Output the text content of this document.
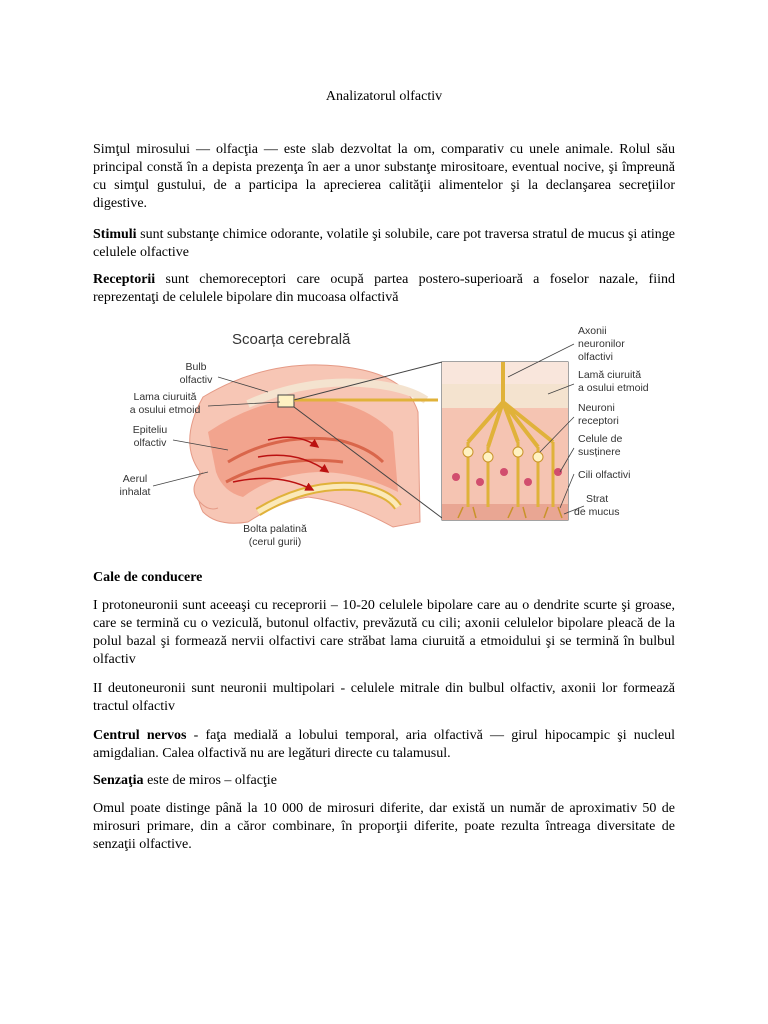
Analizatorul olfactiv

Simţul mirosului — olfacţia — este slab dezvoltat la om, comparativ cu unele animale. Rolul său principal constă în a depista prezenţa în aer a unor substanţe mirositoare, eventual nocive, şi împreună cu simţul gustului, de a participa la aprecierea calităţii alimentelor şi la declanşarea secreţiilor digestive.

Stimuli sunt substanţe chimice odorante, volatile şi solubile, care pot traversa stratul de mucus şi atinge celulele olfactive

Receptorii sunt chemoreceptori care ocupă partea postero-superioară a foselor nazale, fiind reprezentaţi de celulele bipolare din mucoasa olfactivă

Scoarța cerebrală
Bulb
olfactiv
Lama ciuruită
a osului etmoid
Epiteliu
olfactiv
Aerul
inhalat
Bolta palatină
(cerul gurii)
Axonii
neuronilor
olfactivi
Lamă ciuruită
a osului etmoid
Neuroni
receptori
Celule de
susținere
Cili olfactivi
Strat
de mucus
Cale de conducere

I protoneuronii sunt aceeaşi cu receprorii – 10-20 celulele bipolare care au o dendrite scurte şi groase, care se termină cu o veziculă, butonul olfactiv, prevăzută cu cili; axonii celulelor bipolare pleacă de la polul bazal şi formează nervii olfactivi care străbat lama ciuruită a etmoidului şi se termină în bulbul olfactiv

II deutoneuronii sunt neuronii multipolari - celulele mitrale din bulbul olfactiv, axonii lor formează tractul olfactiv

Centrul nervos - faţa medială a lobului temporal, aria olfactivă — girul hipocampic şi nucleul amigdalian. Calea olfactivă nu are legături directe cu talamusul.

Senzaţia este de miros – olfacţie

Omul poate distinge până la 10 000 de mirosuri diferite, dar există un număr de aproximativ 50 de mirosuri primare, din a căror combinare, în proporţii diferite, poate rezulta întreaga diversitate de senzaţii olfactive.
